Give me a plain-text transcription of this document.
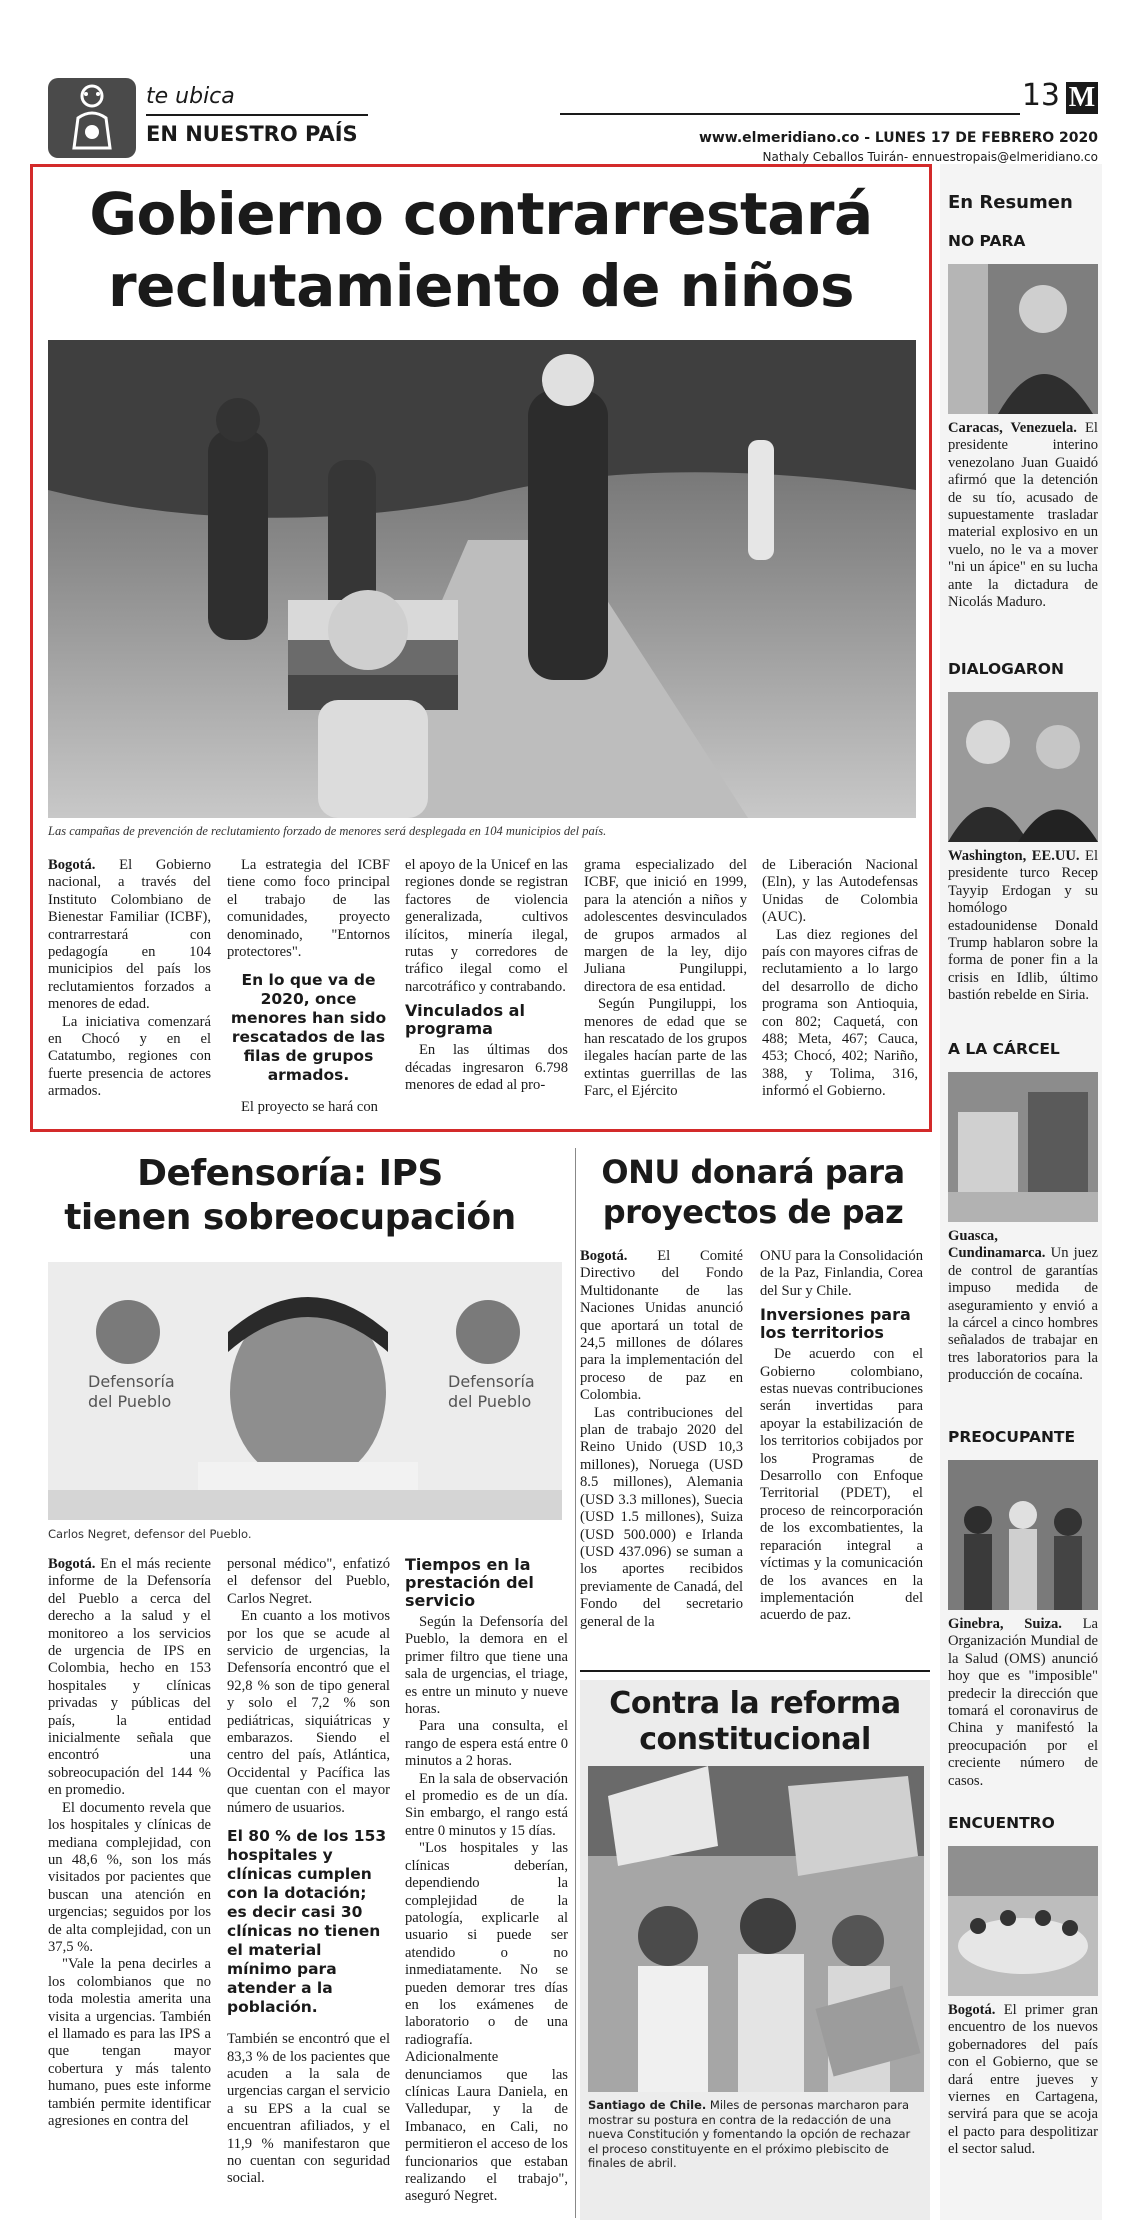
te ubica
EN NUESTRO PAÍS
13 M
www.elmeridiano.co - LUNES 17 DE FEBRERO 2020
Nathaly Ceballos Tuirán- ennuestropais@elmeridiano.co
Gobierno contrarrestará
reclutamiento de niños
Las campañas de prevención de reclutamiento forzado de menores será desplegada en 104 municipios del país.

Bogotá. El Gobierno nacional, a través del Instituto Colombiano de Bienestar Familiar (ICBF), contrarrestará con pedagogía en 104 municipios del país los reclutamientos forzados a menores de edad.

La iniciativa comenzará en Chocó y en el Catatumbo, regiones con fuerte presencia de actores armados.

La estrategia del ICBF tiene como foco principal el trabajo de las comunidades, proyecto denominado, "Entornos protectores".

En lo que va de 2020, once menores han sido rescatados de las filas de grupos armados.

El proyecto se hará con

el apoyo de la Unicef en las regiones donde se registran factores de violencia generalizada, cultivos ilícitos, minería ilegal, rutas y corredores de tráfico ilegal como el narcotráfico y contrabando.

Vinculados al programa

En las últimas dos décadas ingresaron 6.798 menores de edad al pro-

grama especializado del ICBF, que inició en 1999, para la atención a niños y adolescentes desvinculados de grupos armados al margen de la ley, dijo Juliana Pungiluppi, directora de esa entidad.

Según Pungiluppi, los menores de edad que se han rescatado de los grupos ilegales hacían parte de las extintas guerrillas de las Farc, el Ejército

de Liberación Nacional (Eln), y las Autodefensas Unidas de Colombia (AUC).

Las diez regiones del país con mayores cifras de reclutamiento a lo largo del desarrollo de dicho programa son Antioquia, con 802; Caquetá, con 488; Meta, 467; Cauca, 453; Chocó, 402; Nariño, 388, y Tolima, 316, informó el Gobierno.

Defensoría: IPS
tienen sobreocupación
Defensoría del Pueblo
Defensoría del Pueblo
Carlos Negret, defensor del Pueblo.

Bogotá. En el más reciente informe de la Defensoría del Pueblo a cerca del derecho a la salud y el monitoreo a los servicios de urgencia de IPS en Colombia, hecho en 153 hospitales y clínicas privadas y públicas del país, la entidad inicialmente señala que encontró una sobreocupación del 144 % en promedio.

El documento revela que los hospitales y clínicas de mediana complejidad, con un 48,6 %, son los más visitados por pacientes que buscan una atención en urgencias; seguidos por los de alta complejidad, con un 37,5 %.

"Vale la pena decirles a los colombianos que no toda molestia amerita una visita a urgencias. También el llamado es para las IPS a que tengan mayor cobertura y más talento humano, pues este informe también permite identificar agresiones en contra del

personal médico", enfatizó el defensor del Pueblo, Carlos Negret.

En cuanto a los motivos por los que se acude al servicio de urgencias, la Defensoría encontró que el 92,8 % son de tipo general y solo el 7,2 % son pediátricas, siquiátricas y embarazos. Siendo el centro del país, Atlántica, Occidental y Pacífica las que cuentan con el mayor número de usuarios.

El 80 % de los 153 hospitales y clínicas cumplen con la dotación; es decir casi 30 clínicas no tienen el material mínimo para atender a la población.

También se encontró que el 83,3 % de los pacientes que acuden a la sala de urgencias cargan el servicio a su EPS a la cual se encuentran afiliados, y el 11,9 % manifestaron que no cuentan con seguridad social.

Tiempos en la prestación del servicio

Según la Defensoría del Pueblo, la demora en el primer filtro que tiene una sala de urgencias, el triage, es entre un minuto y nueve horas.

Para una consulta, el rango de espera está entre 0 minutos a 2 horas.

En la sala de observación el promedio es de un día. Sin embargo, el rango está entre 0 minutos y 15 días.

"Los hospitales y las clínicas deberían, dependiendo la complejidad de la patología, explicarle al usuario si puede ser atendido o no inmediatamente. No se pueden demorar tres días en los exámenes de laboratorio o de una radiografía. Adicionalmente denunciamos que las clínicas Laura Daniela, en Valledupar, y la de Imbanaco, en Cali, no permitieron el acceso de los funcionarios que estaban realizando el trabajo", aseguró Negret.

ONU donará para
proyectos de paz

Bogotá. El Comité Directivo del Fondo Multidonante de las Naciones Unidas anunció que aportará un total de 24,5 millones de dólares para la implementación del proceso de paz en Colombia.

Las contribuciones del plan de trabajo 2020 del Reino Unido (USD 10,3 millones), Noruega (USD 8.5 millones), Alemania (USD 3.3 millones), Suecia (USD 1.5 millones), Suiza (USD 500.000) e Irlanda (USD 437.096) se suman a los aportes recibidos previamente de Canadá, del Fondo del secretario general de la

ONU para la Consolidación de la Paz, Finlandia, Corea del Sur y Chile.

Inversiones para los territorios

De acuerdo con el Gobierno colombiano, estas nuevas contribuciones serán invertidas para apoyar la estabilización de los territorios cobijados por los Programas de Desarrollo con Enfoque Territorial (PDET), el proceso de reincorporación de los excombatientes, la reparación integral a víctimas y la comunicación de los avances en la implementación del acuerdo de paz.

Contra la reforma
constitucional
Santiago de Chile. Miles de personas marcharon para mostrar su postura en contra de la redacción de una nueva Constitución y fomentando la opción de rechazar el proceso constituyente en el próximo plebiscito de finales de abril.
En Resumen
NO PARA
Caracas, Venezuela. El presidente interino venezolano Juan Guaidó afirmó que la detención de su tío, acusado de supuestamente trasladar material explosivo en un vuelo, no le va a mover "ni un ápice" en su lucha ante la dictadura de Nicolás Maduro.
DIALOGARON
Washington, EE.UU. El presidente turco Recep Tayyip Erdogan y su homólogo estadounidense Donald Trump hablaron sobre la forma de poner fin a la crisis en Idlib, último bastión rebelde en Siria.
A LA CÁRCEL
Guasca, Cundinamarca. Un juez de control de garantías impuso medida de aseguramiento y envió a la cárcel a cinco hombres señalados de trabajar en tres laboratorios para la producción de cocaína.
PREOCUPANTE
Ginebra, Suiza. La Organización Mundial de la Salud (OMS) anunció hoy que es "imposible" predecir la dirección que tomará el coronavirus de China y manifestó la preocupación por el creciente número de casos.
ENCUENTRO
Bogotá. El primer gran encuentro de los nuevos gobernadores del país con el Gobierno, que se dará entre jueves y viernes en Cartagena, servirá para que se acoja el pacto para despolitizar el sector salud.
